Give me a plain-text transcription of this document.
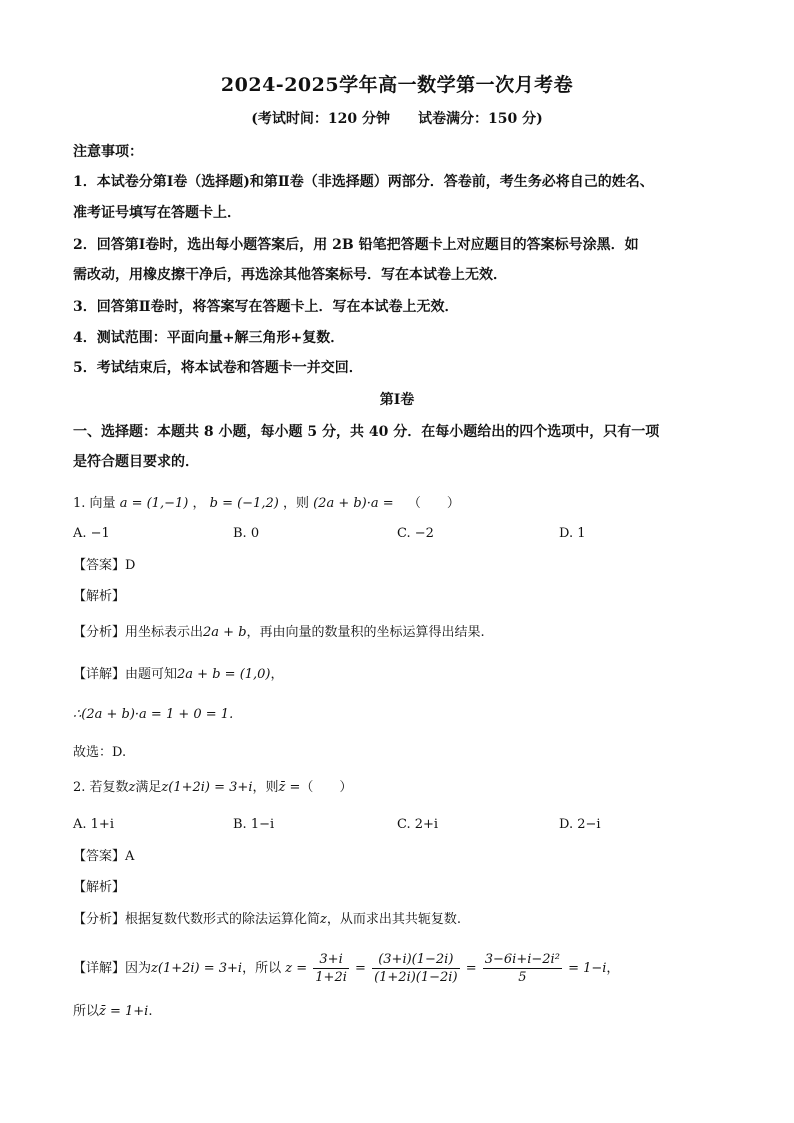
2024-2025学年高一数学第一次月考卷
(考试时间：120 分钟 试卷满分：150 分)
注意事项：
1．本试卷分第Ⅰ卷（选择题)和第Ⅱ卷（非选择题）两部分．答卷前，考生务必将自己的姓名、
准考证号填写在答题卡上．
2．回答第Ⅰ卷时，选出每小题答案后，用 2B 铅笔把答题卡上对应题目的答案标号涂黑．如
需改动，用橡皮擦干净后，再选涂其他答案标号．写在本试卷上无效．
3．回答第Ⅱ卷时，将答案写在答题卡上．写在本试卷上无效．
4．测试范围：平面向量+解三角形+复数．
5．考试结束后，将本试卷和答题卡一并交回．
第Ⅰ卷
一、选择题：本题共 8 小题，每小题 5 分，共 40 分．在每小题给出的四个选项中，只有一项
是符合题目要求的．
1. 向量 a = (1,−1) ， b = (−1,2) ，则 (2a + b)·a = （　　）
A. −1	B. 0	C. −2	D. 1
【答案】D
【解析】
【分析】用坐标表示出2a + b，再由向量的数量积的坐标运算得出结果.
【详解】由题可知2a + b = (1,0)，
∴(2a + b)·a = 1 + 0 = 1.
故选：D.
2. 若复数z满足z(1+2i) = 3+i，则z̄ =（　　）
A. 1+i	B. 1−i	C. 2+i	D. 2−i
【答案】A
【解析】
【分析】根据复数代数形式的除法运算化简z，从而求出其共轭复数.
【详解】因为z(1+2i) = 3+i，所以 $z = \frac{3+i}{1+2i} = \frac{(3+i)(1-2i)}{(1+2i)(1-2i)} = \frac{\text{3−6i+i−2i²}}{5} = 1-i$，
所以z̄ = 1+i.
